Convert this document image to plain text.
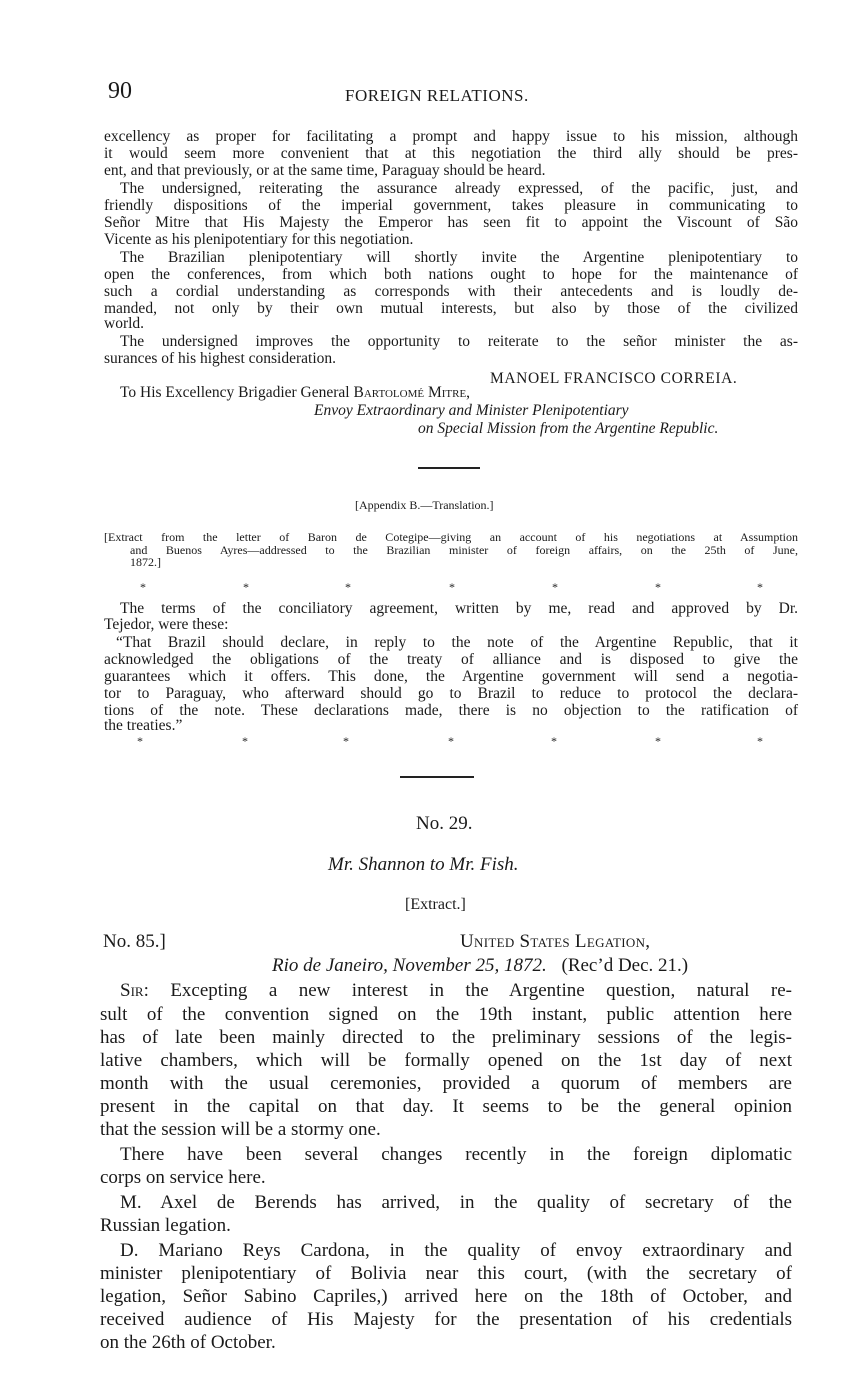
90	FOREIGN RELATIONS.
excellency as proper for facilitating a prompt and happy issue to his mission, although
it would seem more convenient that at this negotiation the third ally should be pres-
ent, and that previously, or at the same time, Paraguay should be heard.
The undersigned, reiterating the assurance already expressed, of the pacific, just, and
friendly dispositions of the imperial government, takes pleasure in communicating to
Señor Mitre that His Majesty the Emperor has seen fit to appoint the Viscount of São
Vicente as his plenipotentiary for this negotiation.
The Brazilian plenipotentiary will shortly invite the Argentine plenipotentiary to
open the conferences, from which both nations ought to hope for the maintenance of
such a cordial understanding as corresponds with their antecedents and is loudly de-
manded, not only by their own mutual interests, but also by those of the civilized
world.
The undersigned improves the opportunity to reiterate to the señor minister the as-
surances of his highest consideration.
MANOEL FRANCISCO CORREIA.
To His Excellency Brigadier General Bartolomé Mitre,
Envoy Extraordinary and Minister Plenipotentiary
on Special Mission from the Argentine Republic.
[Appendix B.—Translation.]
[Extract from the letter of Baron de Cotegipe—giving an account of his negotiations at Assumption
and Buenos Ayres—addressed to the Brazilian minister of foreign affairs, on the 25th of June,
1872.]
*	*	*	*	*	*	*
The terms of the conciliatory agreement, written by me, read and approved by Dr.
Tejedor, were these:
“That Brazil should declare, in reply to the note of the Argentine Republic, that it
acknowledged the obligations of the treaty of alliance and is disposed to give the
guarantees which it offers. This done, the Argentine government will send a negotia-
tor to Paraguay, who afterward should go to Brazil to reduce to protocol the declara-
tions of the note. These declarations made, there is no objection to the ratification of
the treaties.”
*	*	*	*	*	*	*
No. 29.
Mr. Shannon to Mr. Fish.
[Extract.]
No. 85.]	United States Legation,
Rio de Janeiro, November 25, 1872. (Rec’d Dec. 21.)
Sir: Excepting a new interest in the Argentine question, natural re-
sult of the convention signed on the 19th instant, public attention here
has of late been mainly directed to the preliminary sessions of the legis-
lative chambers, which will be formally opened on the 1st day of next
month with the usual ceremonies, provided a quorum of members are
present in the capital on that day. It seems to be the general opinion
that the session will be a stormy one.
There have been several changes recently in the foreign diplomatic
corps on service here.
M. Axel de Berends has arrived, in the quality of secretary of the
Russian legation.
D. Mariano Reys Cardona, in the quality of envoy extraordinary and
minister plenipotentiary of Bolivia near this court, (with the secretary of
legation, Señor Sabino Capriles,) arrived here on the 18th of October, and
received audience of His Majesty for the presentation of his credentials
on the 26th of October.
